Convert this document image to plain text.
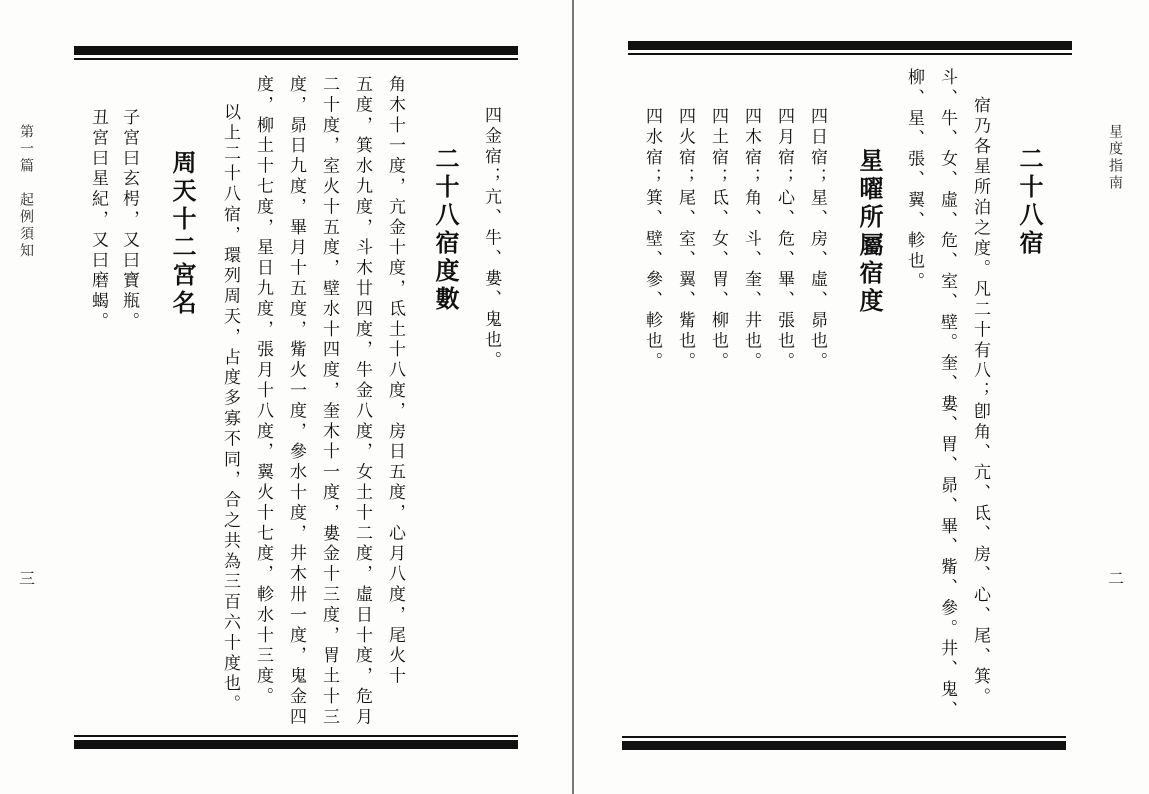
第一篇　起例須知
三
四金宿；亢、牛、婁、鬼也。
二十八宿度數
角木十一度，亢金十度，氐土十八度，房日五度，心月八度，尾火十
五度，箕水九度，斗木廿四度，牛金八度，女土十二度，虛日十度，危月
二十度，室火十五度，壁水十四度，奎木十一度，婁金十三度，胃土十三
度，昴日九度，畢月十五度，觜火一度，參水十度，井木卅一度，鬼金四
度，柳土十七度，星日九度，張月十八度，翼火十七度，軫水十三度。
以上二十八宿，環列周天，占度多寡不同，合之共為三百六十度也。
周天十二宮名
子宮曰玄枵，又曰寶瓶。
丑宮曰星紀，又曰磨蝎。	星度指南
二
二十八宿
宿乃各星所泊之度。凡二十有八；卽角、亢、氐、房、心、尾、箕。
斗、牛、女、虛、危、室、壁。奎、婁、胃、昴、畢、觜、參。井、鬼、
柳、星、張、翼、軫也。
星曜所屬宿度
四日宿；星、房、虛、昴也。
四月宿；心、危、畢、張也。
四木宿；角、斗、奎、井也。
四土宿；氐、女、胃、柳也。
四火宿；尾、室、翼、觜也。
四水宿；箕、壁、參、軫也。
